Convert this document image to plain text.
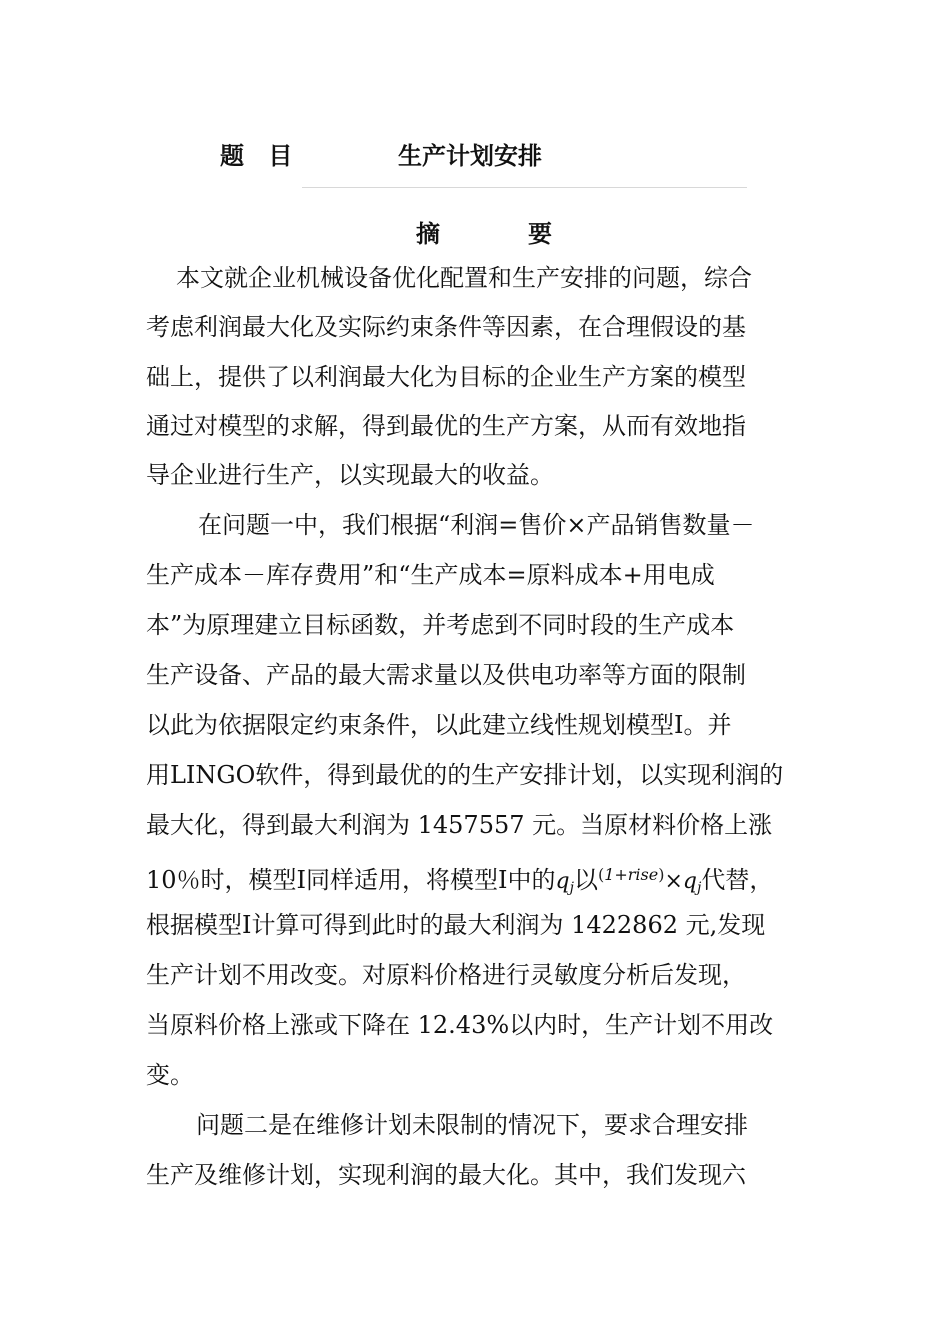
题 目	生产计划安排
摘	要
本文就企业机械设备优化配置和生产安排的问题，综合
考虑利润最大化及实际约束条件等因素，在合理假设的基
础上，提供了以利润最大化为目标的企业生产方案的模型
通过对模型的求解，得到最优的生产方案，从而有效地指
导企业进行生产，以实现最大的收益。
在问题一中，我们根据“利润=售价×产品销售数量－
生产成本－库存费用”和“生产成本=原料成本+用电成
本”为原理建立目标函数，并考虑到不同时段的生产成本
生产设备、产品的最大需求量以及供电功率等方面的限制
以此为依据限定约束条件，以此建立线性规划模型Ⅰ。并
用LINGO软件，得到最优的的生产安排计划，以实现利润的
最大化，得到最大利润为 1457557 元。当原材料价格上涨
10％时，模型Ⅰ同样适用，将模型Ⅰ中的$q_j$以$^{(1+rise)}\times q_j$代替，
根据模型Ⅰ计算可得到此时的最大利润为 1422862 元,发现
生产计划不用改变。对原料价格进行灵敏度分析后发现，
当原料价格上涨或下降在 12.43%以内时，生产计划不用改
变。
问题二是在维修计划未限制的情况下，要求合理安排
生产及维修计划，实现利润的最大化。其中，我们发现六
